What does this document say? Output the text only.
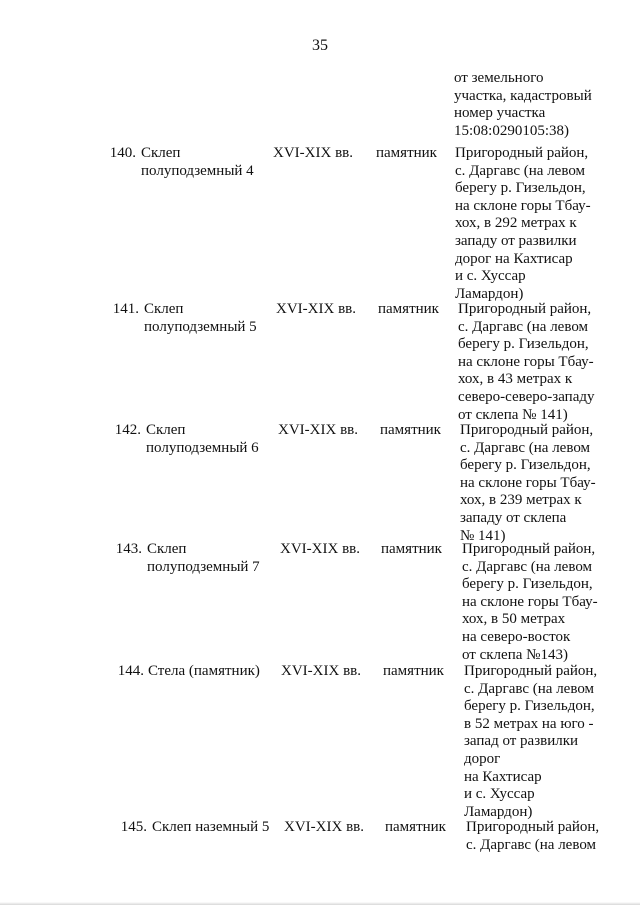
35
от земельного
участка, кадастровый
номер участка
15:08:0290105:38)
140. Склеп
полуподземный 4
XVI-XIX вв.	памятник	Пригородный район,
с. Даргавс (на левом
берегу р. Гизельдон,
на склоне горы Тбау-
хох, в 292 метрах к
западу от развилки
дорог на Кахтисар
и с. Хуссар
Ламардон)
141. Склеп
полуподземный 5
XVI-XIX вв.	памятник	Пригородный район,
с. Даргавс (на левом
берегу р. Гизельдон,
на склоне горы Тбау-
хох, в 43 метрах к
северо-северо-западу
от склепа № 141)
142. Склеп
полуподземный 6
XVI-XIX вв.	памятник	Пригородный район,
с. Даргавс (на левом
берегу р. Гизельдон,
на склоне горы Тбау-
хох, в 239 метрах к
западу от склепа
№ 141)
143. Склеп
полуподземный 7
XVI-XIX вв.	памятник	Пригородный район,
с. Даргавс (на левом
берегу р. Гизельдон,
на склоне горы Тбау-
хох, в 50 метрах
на северо-восток
от склепа №143)
144. Стела (памятник)	XVI-XIX вв.	памятник	Пригородный район,
с. Даргавс (на левом
берегу р. Гизельдон,
в 52 метрах на юго -
запад от развилки
дорог
на Кахтисар
и с. Хуссар
Ламардон)
145. Склеп наземный 5 XVI-XIX вв.	памятник	Пригородный район,
с. Даргавс (на левом
